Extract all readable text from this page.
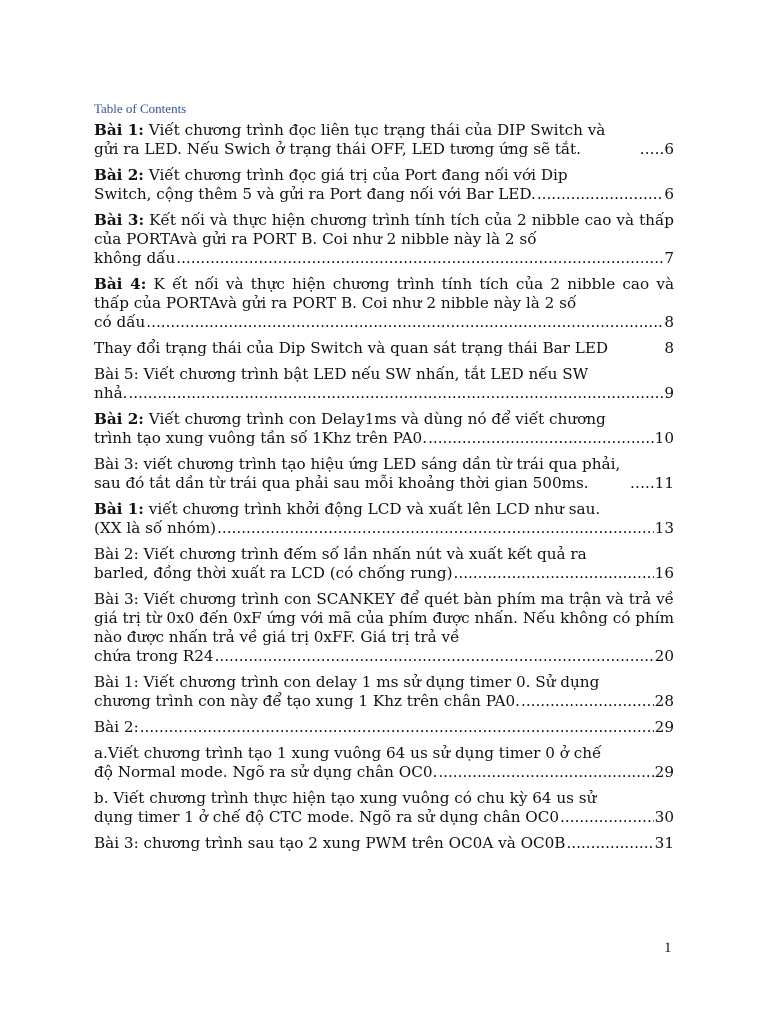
Table of Contents
Bài 1: Viết chương trình đọc liên tục trạng thái của DIP Switch và
gửi ra LED. Nếu Swich ở trạng thái OFF, LED tương ứng sẽ tắt.	….. 6
Bài 2: Viết chương trình đọc giá trị của Port đang nối với Dip
Switch, cộng thêm 5 và gửi ra Port đang nối với Bar LED. .....	6
Bài 3: Kết nối và thực hiện chương trình tính tích của 2 nibble cao và thấp của PORTAvà gửi ra PORT B. Coi như 2 nibble này là 2 số
không dấu .....	7
Bài 4: K ết nối và thực hiện chương trình tính tích của 2 nibble cao và thấp của PORTAvà gửi ra PORT B. Coi như 2 nibble này là 2 số
có dấu .....	8
Thay đổi trạng thái của Dip Switch và quan sát trạng thái Bar LED	8
Bài 5: Viết chương trình bật LED nếu SW nhấn, tắt LED nếu SW
nhả. .....	9
Bài 2: Viết chương trình con Delay1ms và dùng nó để viết chương
trình tạo xung vuông tần số 1Khz trên PA0. .....	10
Bài 3: viết chương trình tạo hiệu ứng LED sáng dần từ trái qua phải,
sau đó tắt dần từ trái qua phải sau mỗi khoảng thời gian 500ms.	….. 11
Bài 1: viết chương trình khởi động LCD và xuất lên LCD như sau.
(XX là số nhóm) .....	13
Bài 2: Viết chương trình đếm số lần nhấn nút và xuất kết quả ra
barled, đồng thời xuất ra LCD (có chống rung) .....	16
Bài 3: Viết chương trình con SCANKEY để quét bàn phím ma trận và trả về giá trị từ 0x0 đến 0xF ứng với mã của phím được nhấn. Nếu không có phím nào được nhấn trả về giá trị 0xFF. Giá trị trả về
chứa trong R24 .....	20
Bài 1: Viết chương trình con delay 1 ms sử dụng timer 0. Sử dụng
chương trình con này để tạo xung 1 Khz trên chân PA0. .....	28
Bài 2: .....	29
a.Viết chương trình tạo 1 xung vuông 64 us sử dụng timer 0 ở chế
độ Normal mode. Ngõ ra sử dụng chân OC0. .....	29
b. Viết chương trình thực hiện tạo xung vuông có chu kỳ 64 us sử
dụng timer 1 ở chế độ CTC mode. Ngõ ra sử dụng chân OC0 .....	30
Bài 3: chương trình sau tạo 2 xung PWM trên OC0A và OC0B .....	31
1
